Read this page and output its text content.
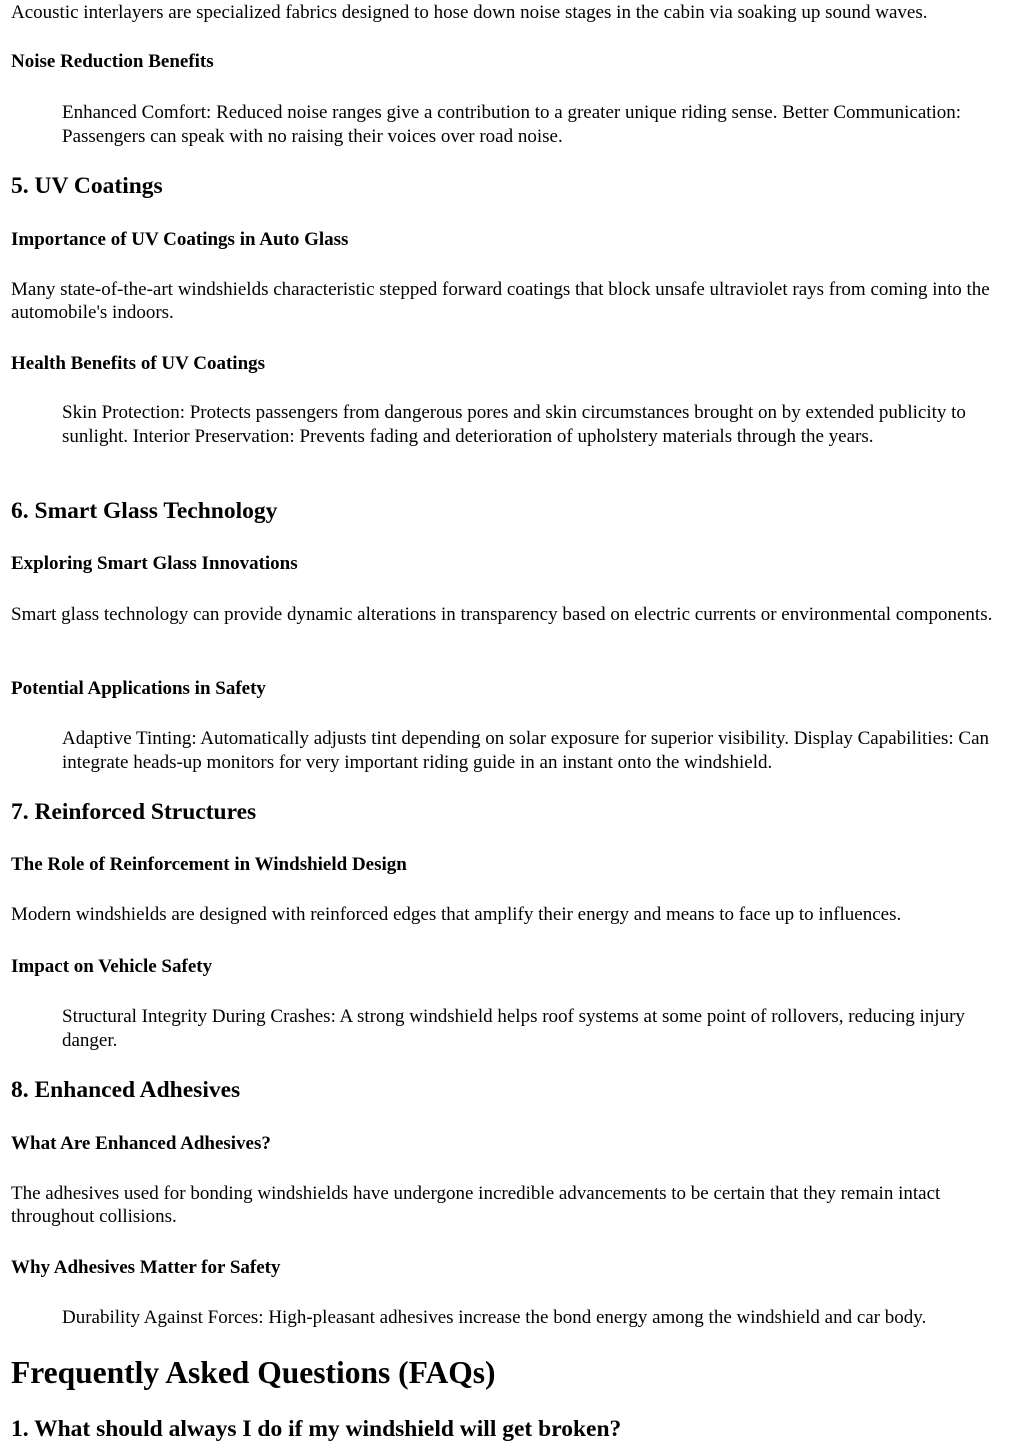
Acoustic interlayers are specialized fabrics designed to hose down noise stages in the cabin via soaking up sound waves.

Noise Reduction Benefits
Enhanced Comfort: Reduced noise ranges give a contribution to a greater unique riding sense. Better Communication: Passengers can speak with no raising their voices over road noise.
5. UV Coatings
Importance of UV Coatings in Auto Glass

Many state-of-the-art windshields characteristic stepped forward coatings that block unsafe ultraviolet rays from coming into the automobile's indoors.

Health Benefits of UV Coatings
Skin Protection: Protects passengers from dangerous pores and skin circumstances brought on by extended publicity to sunlight. Interior Preservation: Prevents fading and deterioration of upholstery materials through the years.
6. Smart Glass Technology
Exploring Smart Glass Innovations

Smart glass technology can provide dynamic alterations in transparency based on electric currents or environmental components.

Potential Applications in Safety
Adaptive Tinting: Automatically adjusts tint depending on solar exposure for superior visibility. Display Capabilities: Can integrate heads-up monitors for very important riding guide in an instant onto the windshield.
7. Reinforced Structures
The Role of Reinforcement in Windshield Design

Modern windshields are designed with reinforced edges that amplify their energy and means to face up to influences.

Impact on Vehicle Safety
Structural Integrity During Crashes: A strong windshield helps roof systems at some point of rollovers, reducing injury danger.
8. Enhanced Adhesives
What Are Enhanced Adhesives?

The adhesives used for bonding windshields have undergone incredible advancements to be certain that they remain intact throughout collisions.

Why Adhesives Matter for Safety
Durability Against Forces: High-pleasant adhesives increase the bond energy among the windshield and car body.
Frequently Asked Questions (FAQs)
1. What should always I do if my windshield will get broken?
